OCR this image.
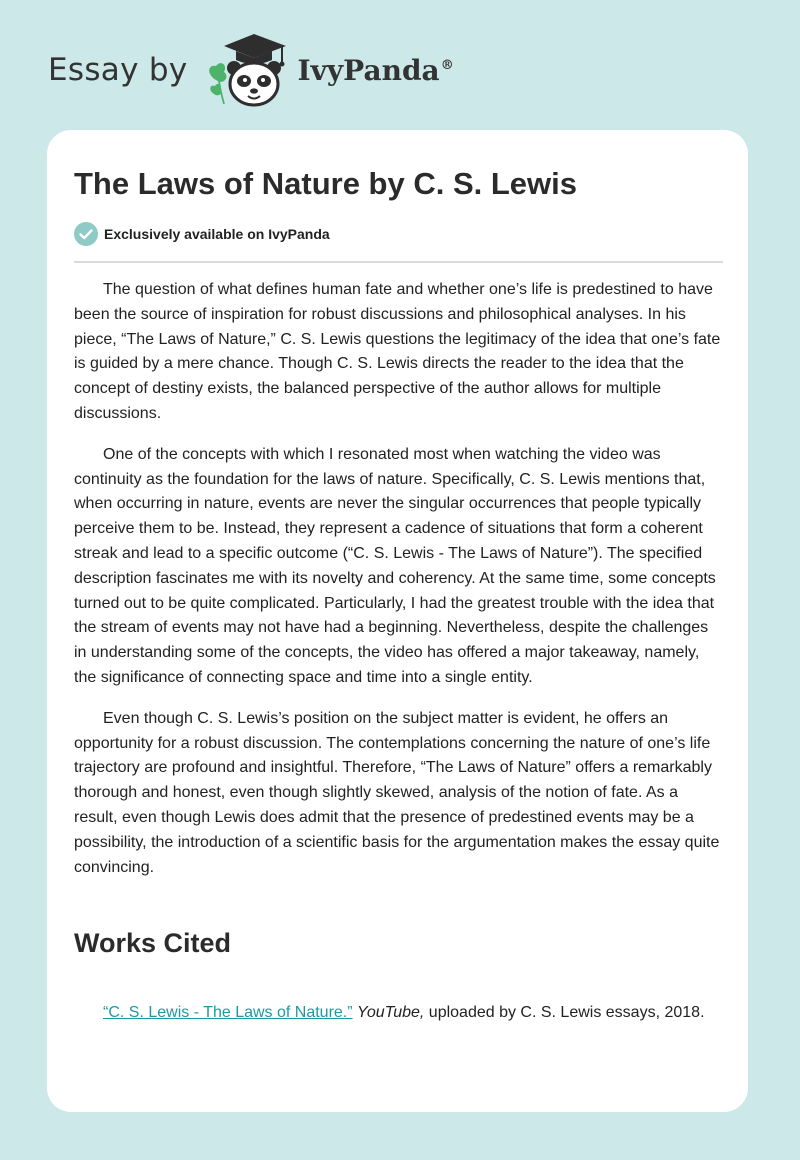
Essay by	IvyPanda®
The Laws of Nature by C. S. Lewis
Exclusively available on IvyPanda

The question of what defines human fate and whether one’s life is predestined to have been the source of inspiration for robust discussions and philosophical analyses. In his piece, “The Laws of Nature,” C. S. Lewis questions the legitimacy of the idea that one’s fate is guided by a mere chance. Though C. S. Lewis directs the reader to the idea that the concept of destiny exists, the balanced perspective of the author allows for multiple discussions.

One of the concepts with which I resonated most when watching the video was continuity as the foundation for the laws of nature. Specifically, C. S. Lewis mentions that, when occurring in nature, events are never the singular occurrences that people typically perceive them to be. Instead, they represent a cadence of situations that form a coherent streak and lead to a specific outcome (“C. S. Lewis - The Laws of Nature”). The specified description fascinates me with its novelty and coherency. At the same time, some concepts turned out to be quite complicated. Particularly, I had the greatest trouble with the idea that the stream of events may not have had a beginning. Nevertheless, despite the challenges in understanding some of the concepts, the video has offered a major takeaway, namely, the significance of connecting space and time into a single entity.

Even though C. S. Lewis’s position on the subject matter is evident, he offers an opportunity for a robust discussion. The contemplations concerning the nature of one’s life trajectory are profound and insightful. Therefore, “The Laws of Nature” offers a remarkably thorough and honest, even though slightly skewed, analysis of the notion of fate. As a result, even though Lewis does admit that the presence of predestined events may be a possibility, the introduction of a scientific basis for the argumentation makes the essay quite convincing.

Works Cited

“C. S. Lewis - The Laws of Nature.” YouTube, uploaded by C. S. Lewis essays, 2018.
